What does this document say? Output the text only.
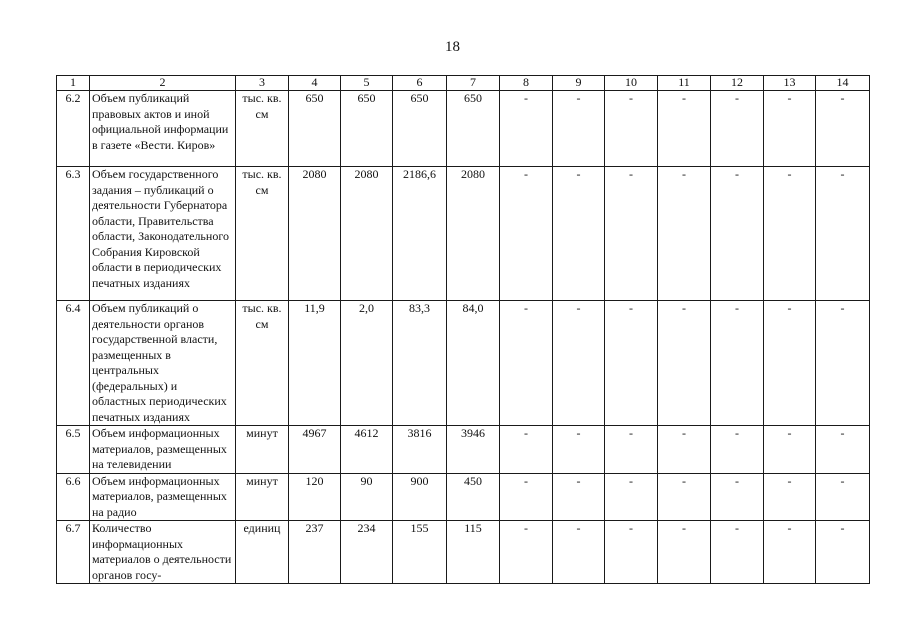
18
1	2	3	4	5	6	7	8	9	10	11	12	13	14
6.2	Объем публикаций правовых актов и иной официальной информации в газете «Вести. Киров»	тыс. кв. см	650	650	650	650	-	-	-	-	-	-	-
6.3	Объем государственного задания – публикаций о деятельности Губернатора области, Правительства области, Законодательного Собрания Кировской области в периодических печатных изданиях	тыс. кв. см	2080	2080	2186,6	2080	-	-	-	-	-	-	-
6.4	Объем публикаций о деятельности органов государственной власти, размещенных в центральных (федеральных) и областных периодических печатных изданиях	тыс. кв. см	11,9	2,0	83,3	84,0	-	-	-	-	-	-	-
6.5	Объем информационных материалов, размещенных на телевидении	минут	4967	4612	3816	3946	-	-	-	-	-	-	-
6.6	Объем информационных материалов, размещенных на радио	минут	120	90	900	450	-	-	-	-	-	-	-
6.7	Количество информационных материалов о деятельности органов госу-	единиц	237	234	155	115	-	-	-	-	-	-	-
